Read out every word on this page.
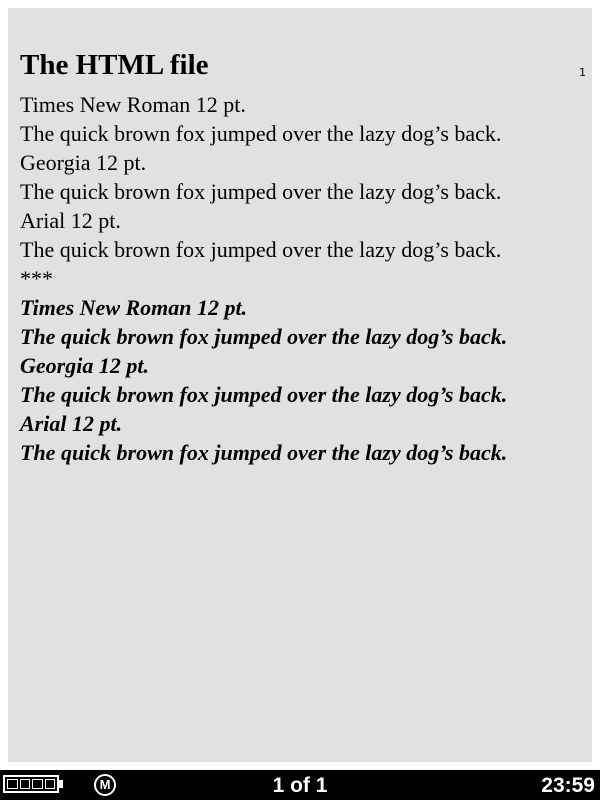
1
The HTML file
Times New Roman 12 pt.
The quick brown fox jumped over the lazy dog’s back.
Georgia 12 pt.
The quick brown fox jumped over the lazy dog’s back.
Arial 12 pt.
The quick brown fox jumped over the lazy dog’s back.
***
Times New Roman 12 pt.
The quick brown fox jumped over the lazy dog’s back.
Georgia 12 pt.
The quick brown fox jumped over the lazy dog’s back.
Arial 12 pt.
The quick brown fox jumped over the lazy dog’s back.
M	1 of 1	23:59
